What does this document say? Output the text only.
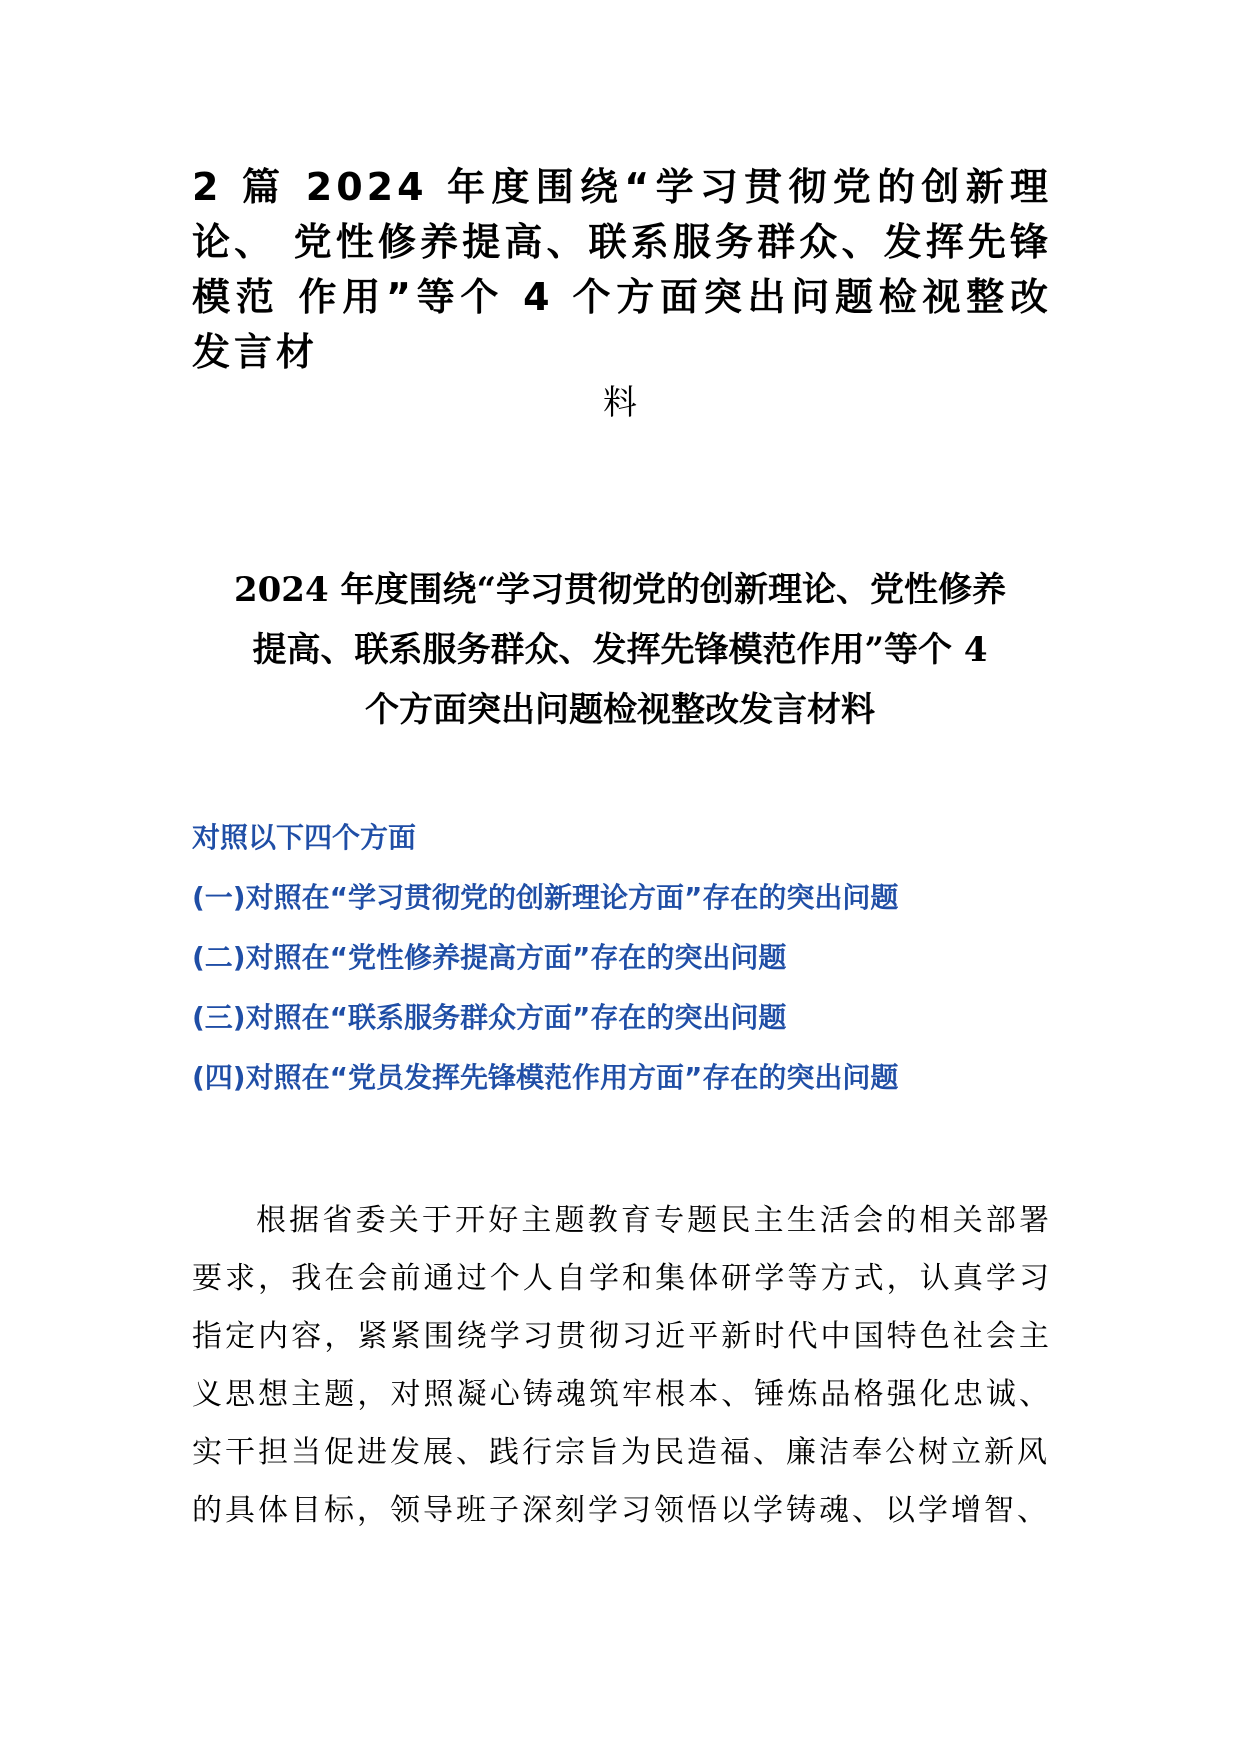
2 篇 2024 年度围绕“学习贯彻党的创新理论、 党性修养提高、联系服务群众、发挥先锋模范 作用”等个 4 个方面突出问题检视整改发言材

料

2024 年度围绕“学习贯彻党的创新理论、党性修养
提高、联系服务群众、发挥先锋模范作用”等个 4
个方面突出问题检视整改发言材料
对照以下四个方面
(一)对照在“学习贯彻党的创新理论方面”存在的突出问题
(二)对照在“党性修养提高方面”存在的突出问题
(三)对照在“联系服务群众方面”存在的突出问题
(四)对照在“党员发挥先锋模范作用方面”存在的突出问题
根据省委关于开好主题教育专题民主生活会的相关部署要求，我在会前通过个人自学和集体研学等方式，认真学习指定内容，紧紧围绕学习贯彻习近平新时代中国特色社会主义思想主题，对照凝心铸魂筑牢根本、锤炼品格强化忠诚、 实干担当促进发展、践行宗旨为民造福、廉洁奉公树立新风
的具体目标，领导班子深刻学习领悟以学铸魂、以学增智、
